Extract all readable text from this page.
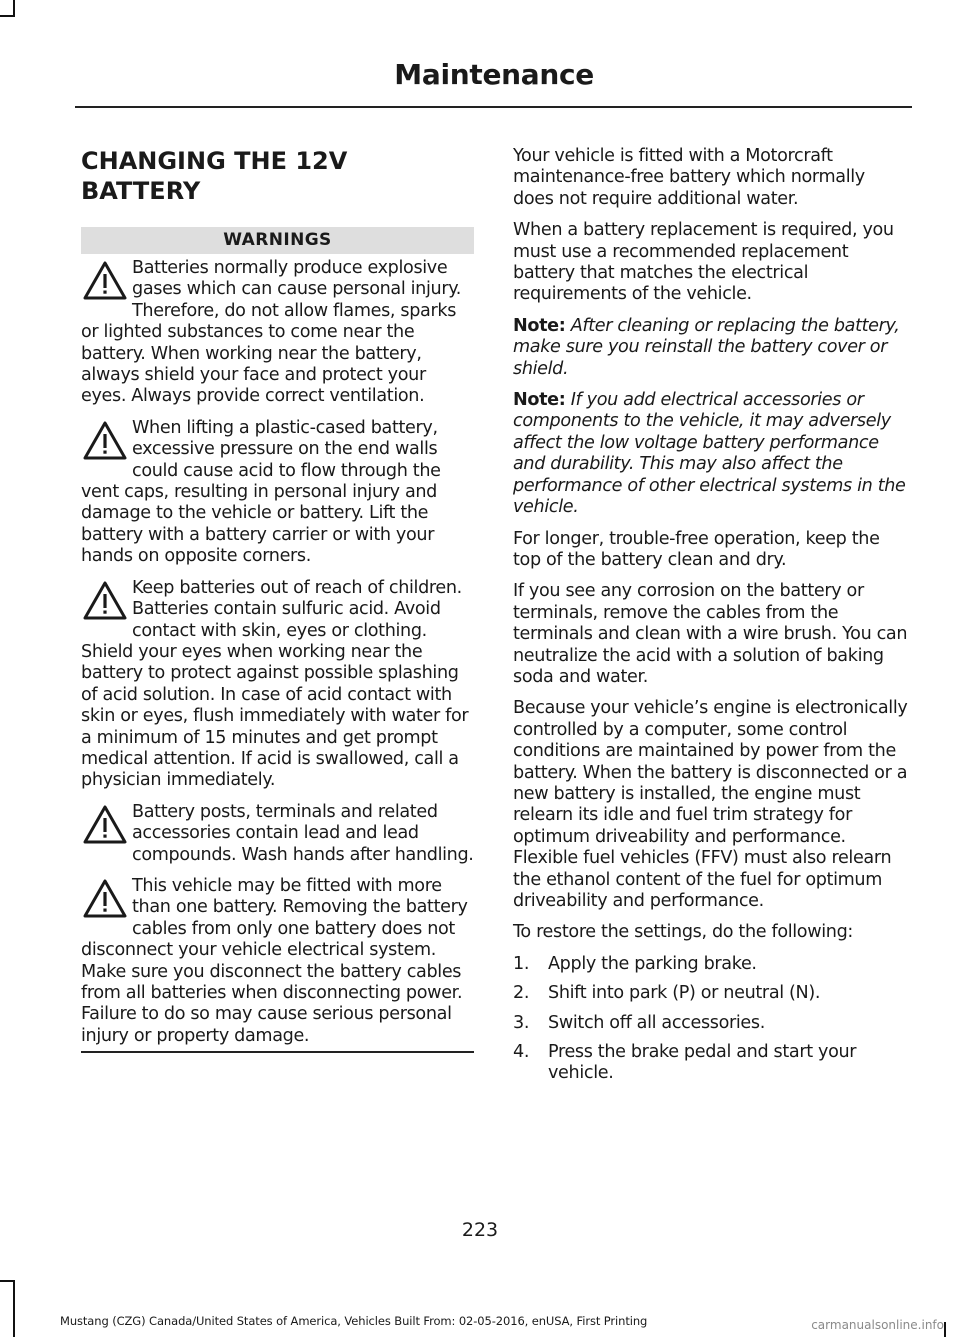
Maintenance
CHANGING THE 12V BATTERY
WARNINGS
Batteries normally produce explosive gases which can cause personal injury. Therefore, do not allow flames, sparks or lighted substances to come near the battery. When working near the battery, always shield your face and protect your eyes. Always provide correct ventilation.
When lifting a plastic-cased battery, excessive pressure on the end walls could cause acid to flow through the vent caps, resulting in personal injury and damage to the vehicle or battery. Lift the battery with a battery carrier or with your hands on opposite corners.
Keep batteries out of reach of children. Batteries contain sulfuric acid. Avoid contact with skin, eyes or clothing. Shield your eyes when working near the battery to protect against possible splashing of acid solution. In case of acid contact with skin or eyes, flush immediately with water for a minimum of 15 minutes and get prompt medical attention. If acid is swallowed, call a physician immediately.
Battery posts, terminals and related accessories contain lead and lead compounds. Wash hands after handling.
This vehicle may be fitted with more than one battery. Removing the battery cables from only one battery does not disconnect your vehicle electrical system. Make sure you disconnect the battery cables from all batteries when disconnecting power. Failure to do so may cause serious personal injury or property damage.

Your vehicle is fitted with a Motorcraft maintenance-free battery which normally does not require additional water.

When a battery replacement is required, you must use a recommended replacement battery that matches the electrical requirements of the vehicle.

Note: After cleaning or replacing the battery, make sure you reinstall the battery cover or shield.

Note: If you add electrical accessories or components to the vehicle, it may adversely affect the low voltage battery performance and durability. This may also affect the performance of other electrical systems in the vehicle.

For longer, trouble-free operation, keep the top of the battery clean and dry.

If you see any corrosion on the battery or terminals, remove the cables from the terminals and clean with a wire brush. You can neutralize the acid with a solution of baking soda and water.

Because your vehicle’s engine is electronically controlled by a computer, some control conditions are maintained by power from the battery. When the battery is disconnected or a new battery is installed, the engine must relearn its idle and fuel trim strategy for optimum driveability and performance. Flexible fuel vehicles (FFV) must also relearn the ethanol content of the fuel for optimum driveability and performance.

To restore the settings, do the following:

1.	Apply the parking brake.
2.	Shift into park (P) or neutral (N).
3.	Switch off all accessories.
4.	Press the brake pedal and start your vehicle.
223
Mustang (CZG) Canada/United States of America, Vehicles Built From: 02-05-2016, enUSA, First Printing	carmanualsonline.info
